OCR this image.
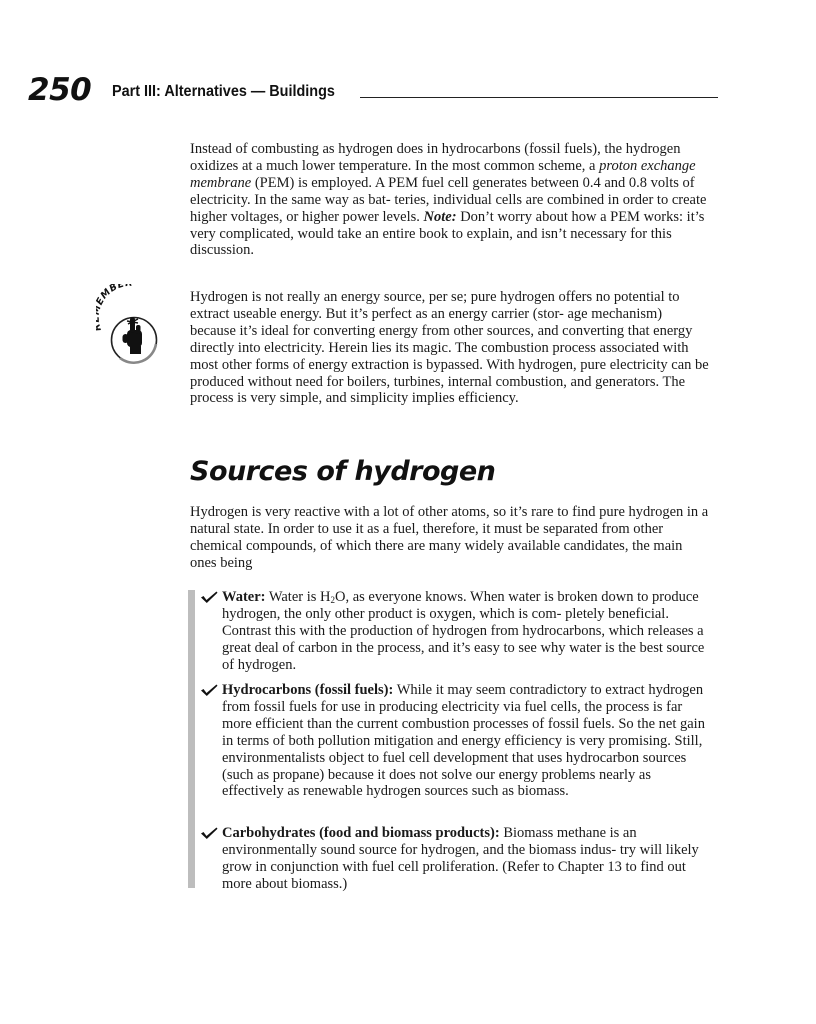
250 Part III: Alternatives — Buildings

Instead of combusting as hydrogen does in hydrocarbons (fossil fuels), the hydrogen oxidizes at a much lower temperature. In the most common scheme, a proton exchange membrane (PEM) is employed. A PEM fuel cell generates between 0.4 and 0.8 volts of electricity. In the same way as bat- teries, individual cells are combined in order to create higher voltages, or higher power levels. Note: Don’t worry about how a PEM works: it’s very complicated, would take an entire book to explain, and isn’t necessary for this discussion.

MBE

Hydrogen is not really an energy source, per se; pure hydrogen offers no potential to extract useable energy. But it’s perfect as an energy carrier (stor- age mechanism) because it’s ideal for converting energy from other sources, and converting that energy directly into electricity. Herein lies its magic. The combustion process associated with most other forms of energy extraction is bypassed. With hydrogen, pure electricity can be produced without need for boilers, turbines, internal combustion, and generators. The process is very simple, and simplicity implies efficiency.

Sources of hydrogen

Hydrogen is very reactive with a lot of other atoms, so it’s rare to find pure hydrogen in a natural state. In order to use it as a fuel, therefore, it must be separated from other chemical compounds, of which there are many widely available candidates, the main ones being

Water: Water is $H_2O$, as everyone knows. When water is broken down to produce hydrogen, the only other product is oxygen, which is com- pletely beneficial. Contrast this with the production of hydrogen from hydrocarbons, which releases a great deal of carbon in the process, and it’s easy to see why water is the best source of hydrogen.

Hydrocarbons (fossil fuels): While it may seem contradictory to extract hydrogen from fossil fuels for use in producing electricity via fuel cells, the process is far more efficient than the current combustion processes of fossil fuels. So the net gain in terms of both pollution mitigation and energy efficiency is very promising. Still, environmentalists object to fuel cell development that uses hydrocarbon sources (such as propane) because it does not solve our energy problems nearly as effectively as renewable hydrogen sources such as biomass.

Carbohydrates (food and biomass products): Biomass methane is an environmentally sound source for hydrogen, and the biomass indus- try will likely grow in conjunction with fuel cell proliferation. (Refer to Chapter 13 to find out more about biomass.)
